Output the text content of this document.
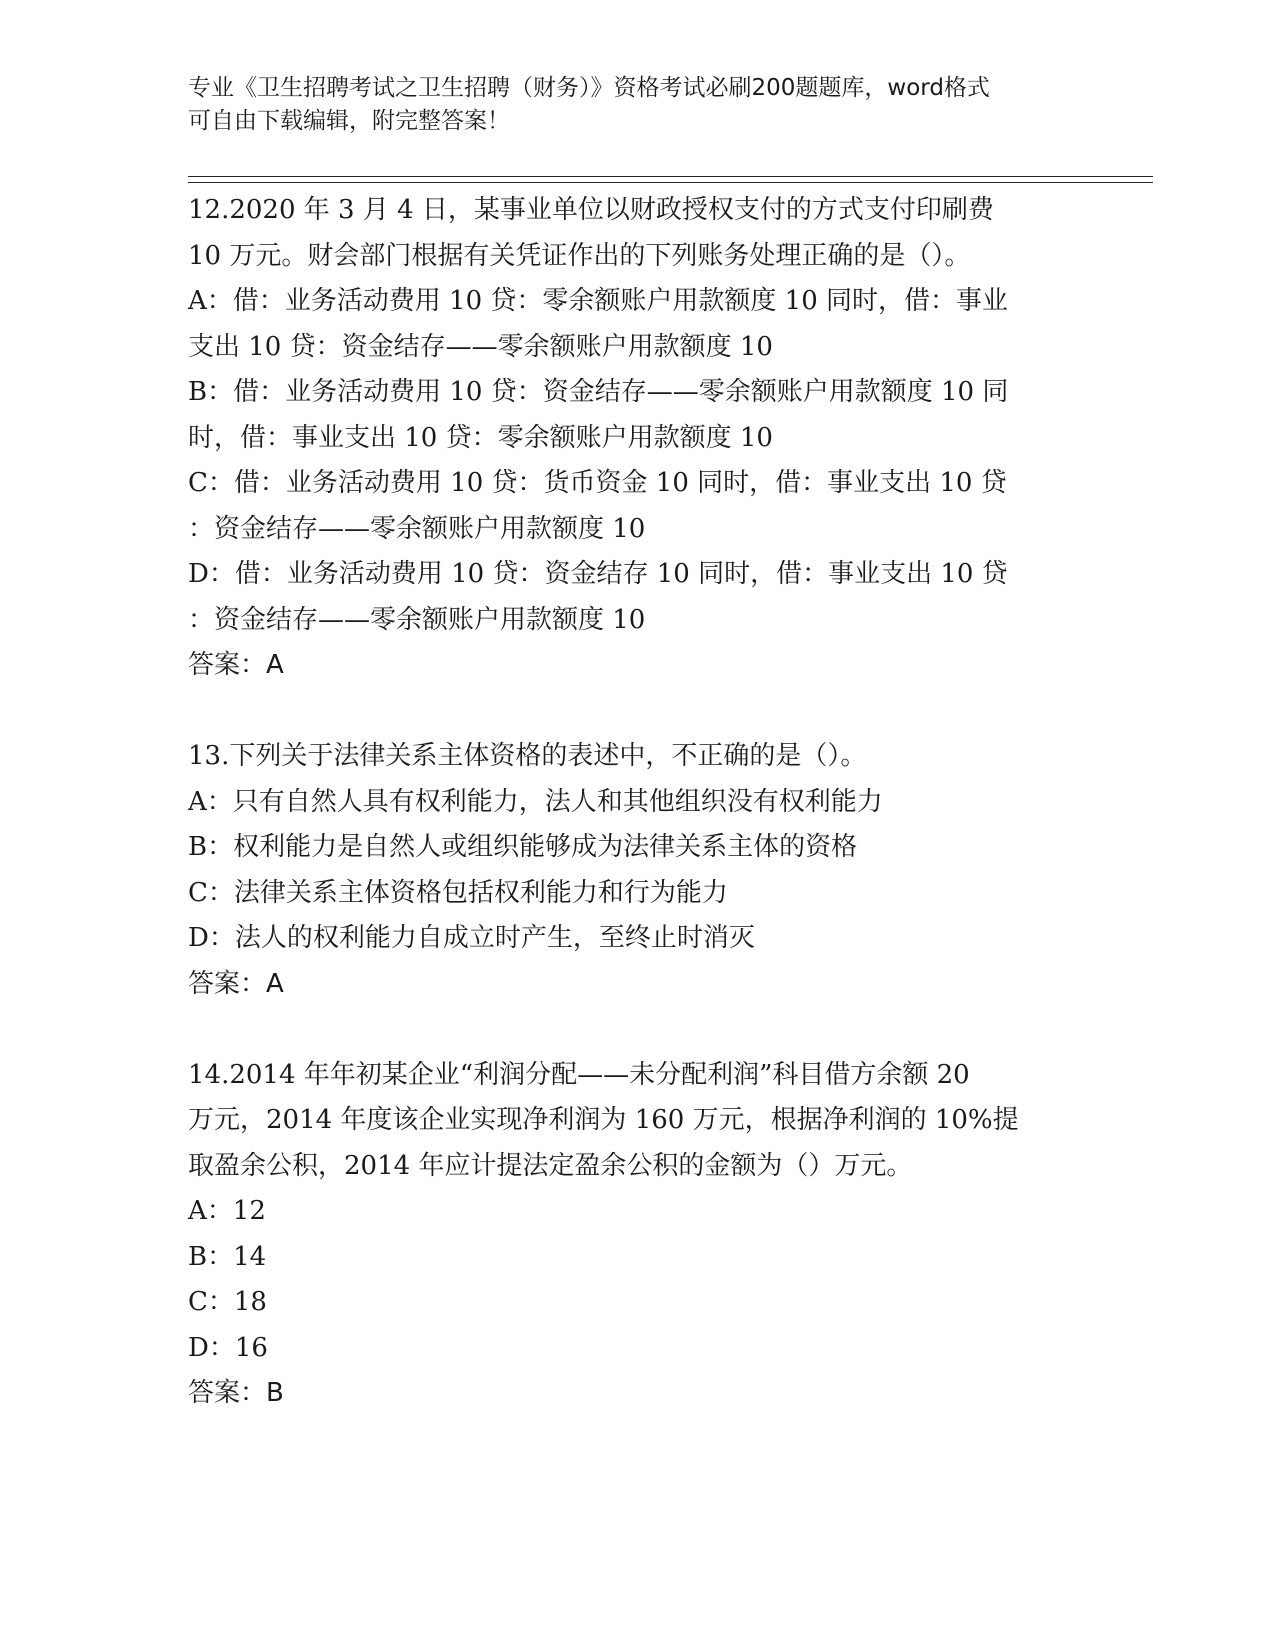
专业《卫生招聘考试之卫生招聘（财务）》资格考试必刷200题题库，word格式
可自由下载编辑，附完整答案！
12.2020 年 3 月 4 日，某事业单位以财政授权支付的方式支付印刷费
10 万元。财会部门根据有关凭证作出的下列账务处理正确的是（）。
A：借：业务活动费用 10 贷：零余额账户用款额度 10 同时，借：事业
支出 10 贷：资金结存——零余额账户用款额度 10
B：借：业务活动费用 10 贷：资金结存——零余额账户用款额度 10 同
时，借：事业支出 10 贷：零余额账户用款额度 10
C：借：业务活动费用 10 贷：货币资金 10 同时，借：事业支出 10 贷
：资金结存——零余额账户用款额度 10
D：借：业务活动费用 10 贷：资金结存 10 同时，借：事业支出 10 贷
：资金结存——零余额账户用款额度 10
答案：A
13.下列关于法律关系主体资格的表述中，不正确的是（）。
A：只有自然人具有权利能力，法人和其他组织没有权利能力
B：权利能力是自然人或组织能够成为法律关系主体的资格
C：法律关系主体资格包括权利能力和行为能力
D：法人的权利能力自成立时产生，至终止时消灭
答案：A
14.2014 年年初某企业“利润分配——未分配利润”科目借方余额 20
万元，2014 年度该企业实现净利润为 160 万元，根据净利润的 10%提
取盈余公积，2014 年应计提法定盈余公积的金额为（）万元。
A：12
B：14
C：18
D：16
答案：B
